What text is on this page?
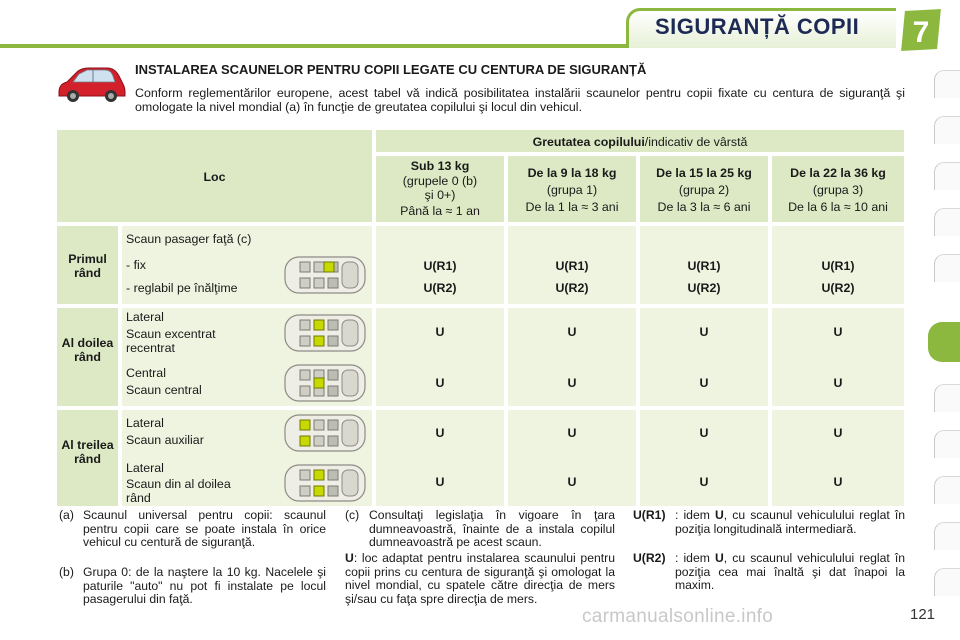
SIGURANȚĂ COPII 7
INSTALAREA SCAUNELOR PENTRU COPII LEGATE CU CENTURA DE SIGURANȚĂ
Conform reglementărilor europene, acest tabel vă indică posibilitatea instalării scaunelor pentru copii fixate cu centura de siguranţă şi omologate la nivel mondial (a) în funcţie de greutatea copilului şi locul din vehicul.
Loc
Greutatea copilului/indicativ de vârstă
Sub 13 kg
(grupele 0 (b)
şi 0+)
Până la ≈ 1 an
De la 9 la 18 kg
(grupa 1)
De la 1 la ≈ 3 ani
De la 15 la 25 kg
(grupa 2)
De la 3 la ≈ 6 ani
De la 22 la 36 kg
(grupa 3)
De la 6 la ≈ 10 ani
Primul rând
Scaun pasager faţă (c)
- fix
- reglabil pe înălţime
U(R1)
U(R2)
U(R1)
U(R2)
U(R1)
U(R2)
U(R1)
U(R2)
Al doilea rând
Lateral
Scaun excentrat recentrat
Central
Scaun central
U
U
U
U
U
U
U
U
Al treilea rând
Lateral
Scaun auxiliar
Lateral
Scaun din al doilea rând
U
U
U
U
U
U
U
U
(a) Scaunul universal pentru copii: scaunul pentru copii care se poate instala în orice vehicul cu centură de siguranţă.
(b) Grupa 0: de la naştere la 10 kg. Nacelele şi paturile "auto" nu pot fi instalate pe locul pasagerului din faţă.
(c) Consultaţi legislaţia în vigoare în ţara dumneavoastră, înainte de a instala copilul dumneavoastră pe acest scaun.
U: loc adaptat pentru instalarea scaunului pentru copii prins cu centura de siguranţă şi omologat la nivel mondial, cu spatele către direcţia de mers şi/sau cu faţa spre direcţia de mers.
U(R1) : idem U, cu scaunul vehiculului reglat în poziţia longitudinală intermediară.
U(R2) : idem U, cu scaunul vehiculului reglat în poziţia cea mai înaltă şi dat înapoi la maxim.
carmanualsonline.info	121
